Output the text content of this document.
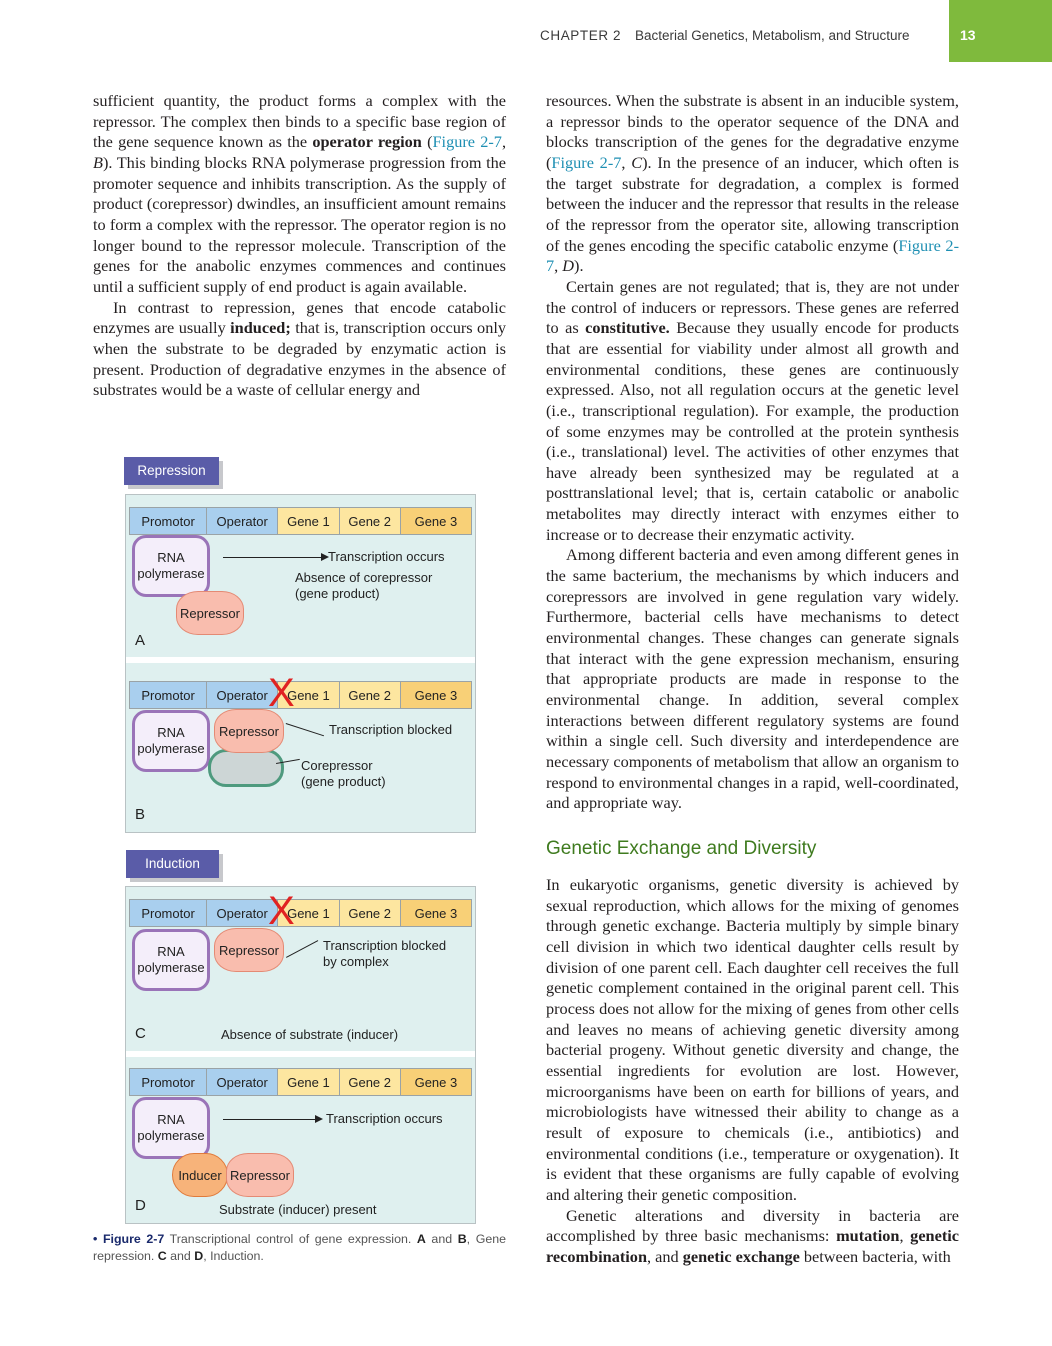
CHAPTER 2 Bacterial Genetics, Metabolism, and Structure	13

sufficient quantity, the product forms a complex with the repressor. The complex then binds to a specific base region of the gene sequence known as the operator region (Figure 2-7, B). This binding blocks RNA polymerase progression from the promoter sequence and inhibits transcription. As the supply of product (corepressor) dwindles, an insufficient amount remains to form a complex with the repressor. The operator region is no longer bound to the repressor molecule. Transcription of the genes for the anabolic enzymes commences and continues until a sufficient supply of end product is again available.

In contrast to repression, genes that encode catabolic enzymes are usually induced; that is, transcription occurs only when the substrate to be degraded by enzymatic action is present. Production of degradative enzymes in the absence of substrates would be a waste of cellular energy and

resources. When the substrate is absent in an inducible system, a repressor binds to the operator sequence of the DNA and blocks transcription of the genes for the degradative enzyme (Figure 2-7, C). In the presence of an inducer, which often is the target substrate for degradation, a complex is formed between the inducer and the repressor that results in the release of the repressor from the operator site, allowing transcription of the genes encoding the specific catabolic enzyme (Figure 2-7, D).

Certain genes are not regulated; that is, they are not under the control of inducers or repressors. These genes are referred to as constitutive. Because they usually encode for products that are essential for viability under almost all growth and environmental conditions, these genes are continuously expressed. Also, not all regulation occurs at the genetic level (i.e., transcriptional regulation). For example, the production of some enzymes may be controlled at the protein synthesis (i.e., translational) level. The activities of other enzymes that have already been synthesized may be regulated at a posttranslational level; that is, certain catabolic or anabolic metabolites may directly interact with enzymes either to increase or to decrease their enzymatic activity.

Among different bacteria and even among different genes in the same bacterium, the mechanisms by which inducers and corepressors are involved in gene regulation vary widely. Furthermore, bacterial cells have mechanisms to detect environmental changes. These changes can generate signals that interact with the gene expression mechanism, ensuring that appropriate products are made in response to the environmental change. In addition, several complex interactions between different regulatory systems are found within a single cell. Such diversity and interdependence are necessary components of metabolism that allow an organism to respond to environmental changes in a rapid, well-coordinated, and appropriate way.

Genetic Exchange and Diversity

In eukaryotic organisms, genetic diversity is achieved by sexual reproduction, which allows for the mixing of genomes through genetic exchange. Bacteria multiply by simple binary cell division in which two identical daughter cells result by division of one parent cell. Each daughter cell receives the full genetic complement contained in the original parent cell. This process does not allow for the mixing of genes from other cells and leaves no means of achieving genetic diversity among bacterial progeny. Without genetic diversity and change, the essential ingredients for evolution are lost. However, microorganisms have been on earth for billions of years, and microbiologists have witnessed their ability to change as a result of exposure to chemicals (i.e., antibiotics) and environmental conditions (i.e., temperature or oxygenation). It is evident that these organisms are fully capable of evolving and altering their genetic composition.

Genetic alterations and diversity in bacteria are accomplished by three basic mechanisms: mutation, genetic recombination, and genetic exchange between bacteria, with

Repression
Promotor	Operator	Gene 1	Gene 2	Gene 3
RNA polymerase
Transcription occurs
Absence of corepressor
(gene product)
Repressor
A
Promotor	Operator	Gene 1	Gene 2	Gene 3
X
RNA polymerase
Repressor	Transcription blocked
Corepressor
(gene product)
B
Induction
Promotor	Operator	Gene 1	Gene 2	Gene 3
X
RNA polymerase
Repressor	Transcription blocked
by complex
Absence of substrate (inducer)
C
Promotor	Operator	Gene 1	Gene 2	Gene 3
RNA polymerase
Transcription occurs
Inducer Repressor
D	Substrate (inducer) present
• Figure 2-7 Transcriptional control of gene expression. A and B, Gene repression. C and D, Induction.
